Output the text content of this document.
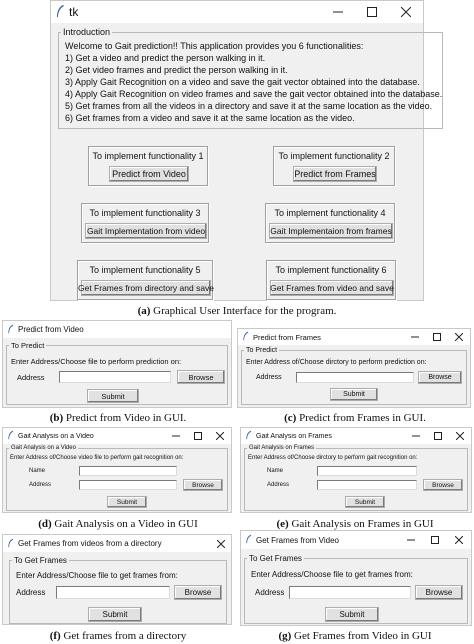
tk
Introduction

Welcome to Gait prediction!! This application provides you 6 functionalities:

1) Get a video and predict the person walking in it.

2) Get video frames and predict the person walking in it.

3) Apply Gait Recognition on a video and save the gait vector obtained into the database.

4) Apply Gait Recognition on video frames and save the gait vector obtained into the database.

5) Get frames from all the videos in a directory and save it at the same location as the video.

6) Get frames from a video and save it at the same location as the video.

To implement functionality 1
Predict from Video
To implement functionality 2
Predict from Frames
To implement functionality 3
Gait Implementation from video
To implement functionality 4
Gait Implementaion from frames
To implement functionality 5
Get Frames from directory and save
To implement functionality 6
Get Frames from video and save
(a) Graphical User Interface for the program.
Predict from Video
To Predict
Enter Address/Choose file to perform prediction on:
Address	Browse
Submit
(b) Predict from Video in GUI.
Predict from Frames
To Predict
Enter Address of/Choose dirctory to perform prediction on:
Address	Browse
Submit
(c) Predict from Frames in GUI.
Gait Analysis on a Video
Gait Analysis on a Video
Enter Address of/Choose video file to perform gait recognition on:
Name
Address	Browse
Submit
(d) Gait Analysis on a Video in GUI
Gait Analysis on Frames
Gait Analysis on Frames
Enter Address of/Choose dirctory to perform gait recognition on:
Name
Address	Browse
Submit
(e) Gait Analysis on Frames in GUI
Get Frames from videos from a directory
To Get Frames
Enter Address/Choose file to get frames from:
Address	Browse
Submit
(f) Get frames from a directory
Get Frames from Video
To Get Frames
Enter Address/Choose file to get frames from:
Address	Browse
Submit
(g) Get Frames from Video in GUI
